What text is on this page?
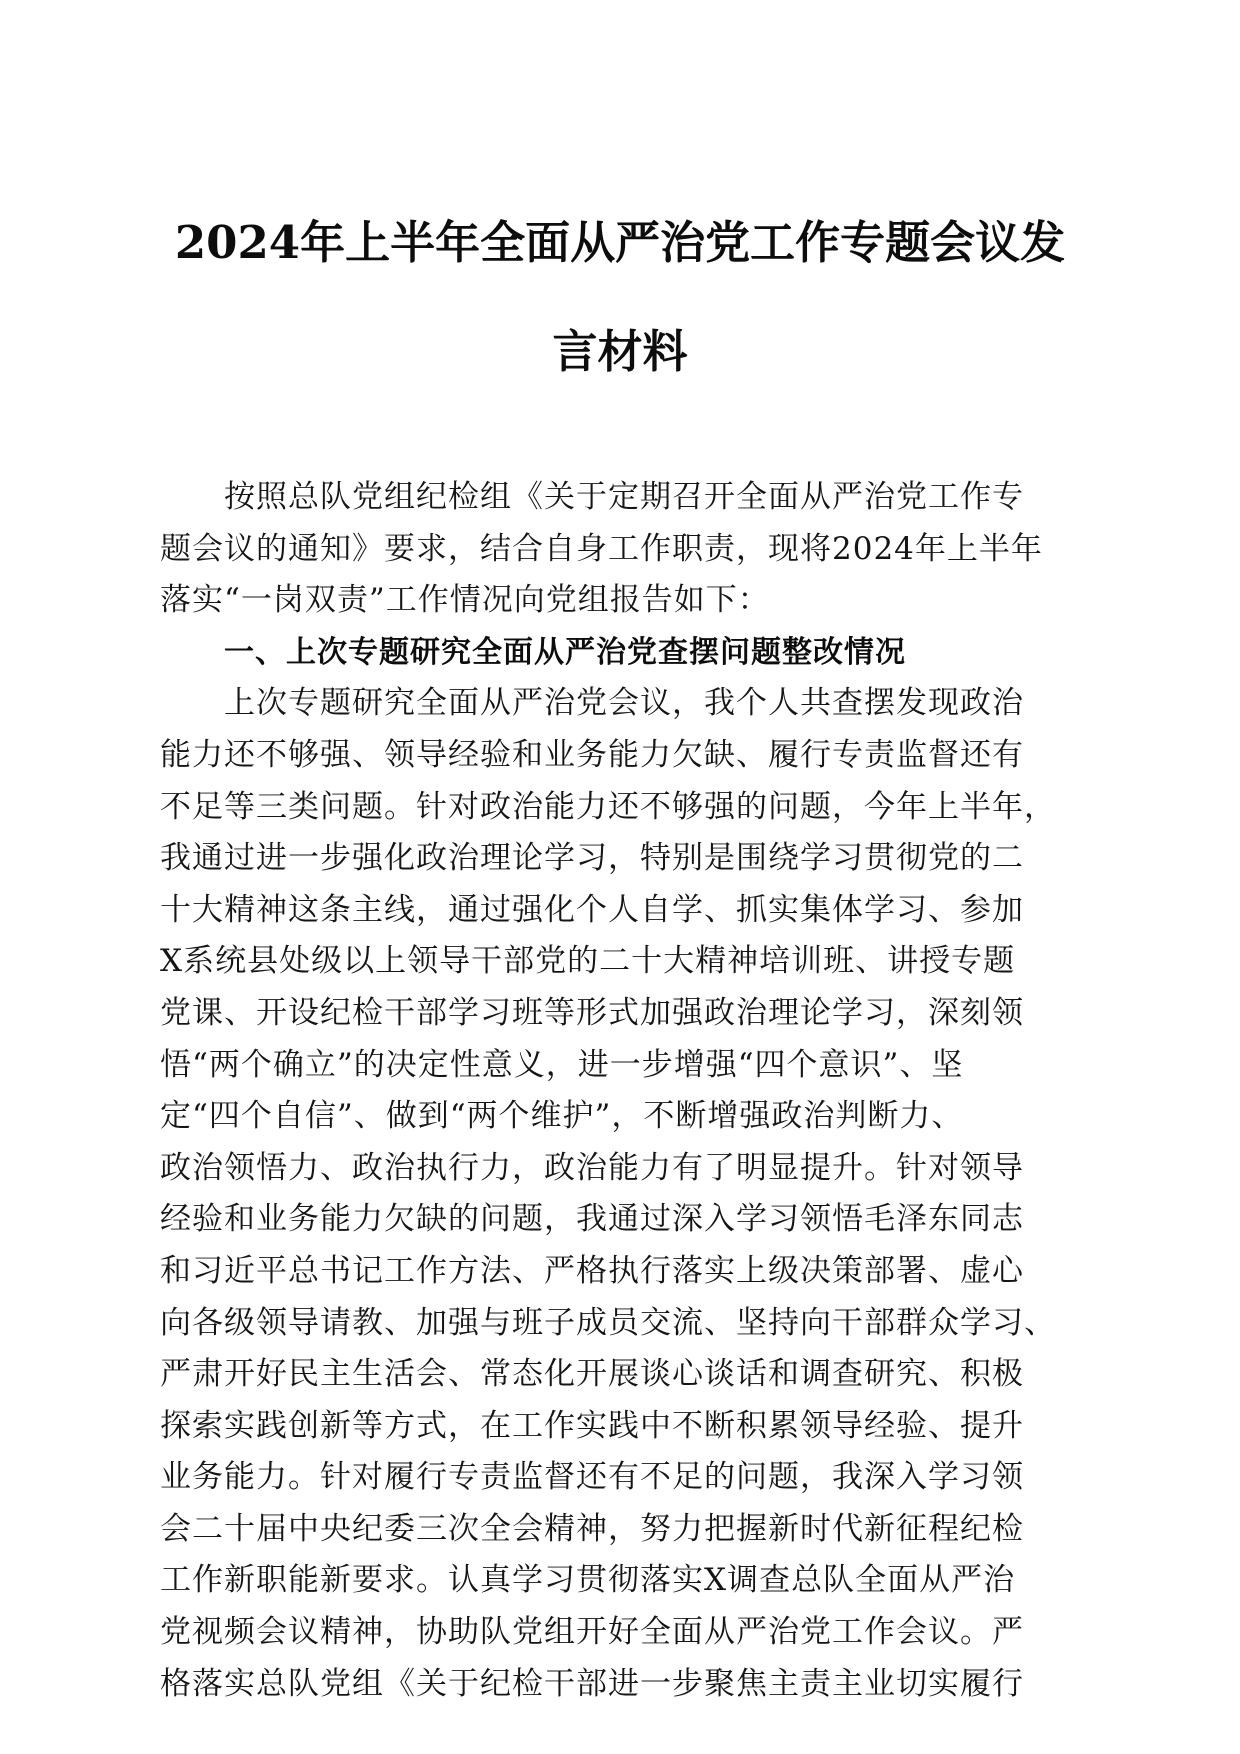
2024年上半年全面从严治党工作专题会议发
言材料
按照总队党组纪检组《关于定期召开全面从严治党工作专
题会议的通知》要求，结合自身工作职责，现将2024年上半年
落实“一岗双责”工作情况向党组报告如下：
一、上次专题研究全面从严治党查摆问题整改情况
上次专题研究全面从严治党会议，我个人共查摆发现政治
能力还不够强、领导经验和业务能力欠缺、履行专责监督还有
不足等三类问题。针对政治能力还不够强的问题，今年上半年，
我通过进一步强化政治理论学习，特别是围绕学习贯彻党的二
十大精神这条主线，通过强化个人自学、抓实集体学习、参加
X系统县处级以上领导干部党的二十大精神培训班、讲授专题
党课、开设纪检干部学习班等形式加强政治理论学习，深刻领
悟“两个确立”的决定性意义，进一步增强“四个意识”、坚
定“四个自信”、做到“两个维护”，不断增强政治判断力、
政治领悟力、政治执行力，政治能力有了明显提升。针对领导
经验和业务能力欠缺的问题，我通过深入学习领悟毛泽东同志
和习近平总书记工作方法、严格执行落实上级决策部署、虚心
向各级领导请教、加强与班子成员交流、坚持向干部群众学习、
严肃开好民主生活会、常态化开展谈心谈话和调查研究、积极
探索实践创新等方式，在工作实践中不断积累领导经验、提升
业务能力。针对履行专责监督还有不足的问题，我深入学习领
会二十届中央纪委三次全会精神，努力把握新时代新征程纪检
工作新职能新要求。认真学习贯彻落实X调查总队全面从严治
党视频会议精神，协助队党组开好全面从严治党工作会议。严
格落实总队党组《关于纪检干部进一步聚焦主责主业切实履行
